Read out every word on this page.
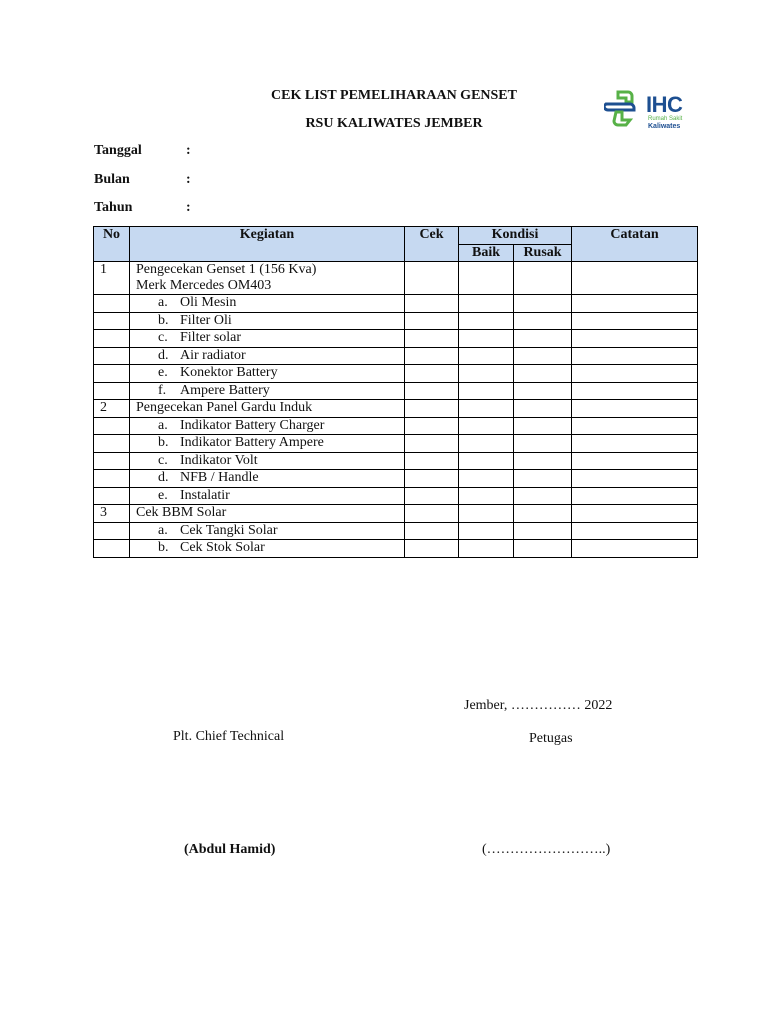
CEK LIST PEMELIHARAAN GENSET
RSU KALIWATES JEMBER
IHC
Rumah Sakit
Kaliwates
Tanggal	:
Bulan	:
Tahun	:
No	Kegiatan	Cek	Kondisi		Catatan
			Baik	Rusak	
1	Pengecekan Genset 1 (156 Kva)
Merk Mercedes OM403				

	a. Oli Mesin				
	b. Filter Oli				
	c. Filter solar				
	d. Air radiator				
	e. Konektor Battery				
	f. Ampere Battery				
2	Pengecekan Panel Gardu Induk				

	a. Indikator Battery Charger				
	b. Indikator Battery Ampere				
	c. Indikator Volt				
	d. NFB / Handle				
	e. Instalatir				
3	Cek BBM Solar				

	a. Cek Tangki Solar				
	b. Cek Stok Solar				
Jember, …………… 2022
Plt. Chief Technical	Petugas
(Abdul Hamid)	(……………………..)
